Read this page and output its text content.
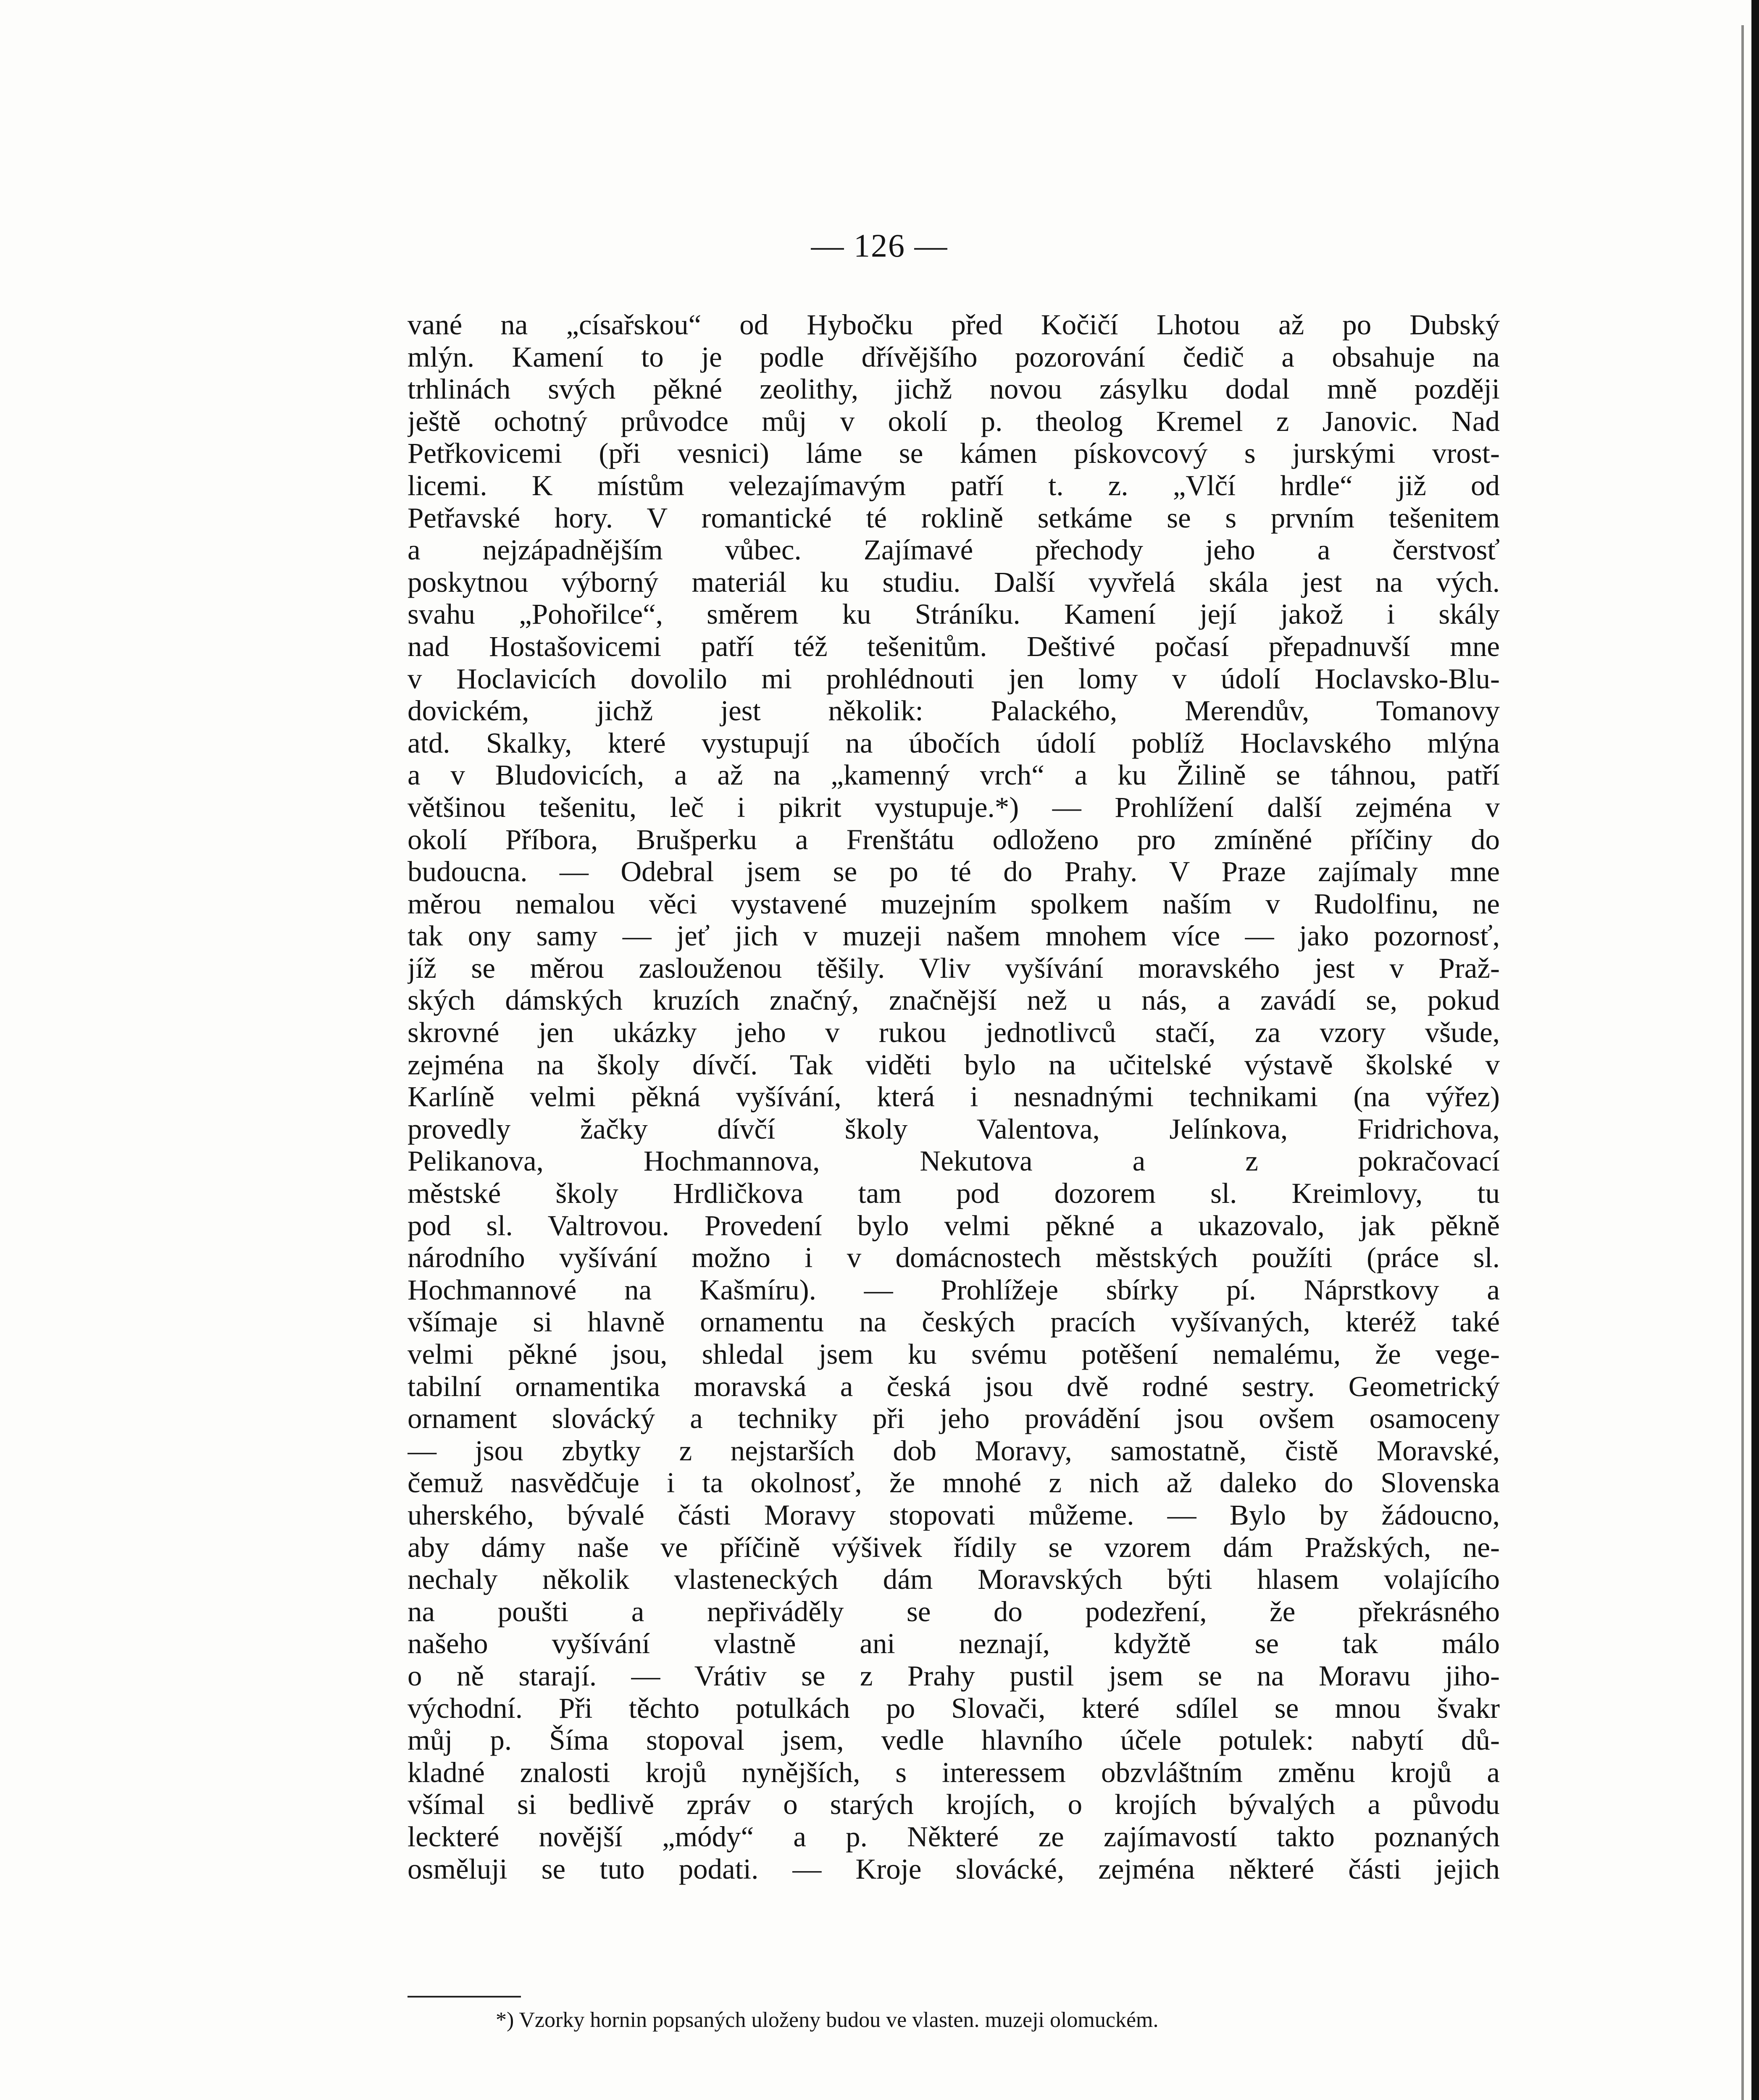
— 126 —
vané na „císařskou“ od Hybočku před Kočičí Lhotou až po Dubský
mlýn. Kamení to je podle dřívějšího pozorování čedič a obsahuje na
trhlinách svých pěkné zeolithy, jichž novou zásylku dodal mně později
ještě ochotný průvodce můj v okolí p. theolog Kremel z Janovic. Nad
Petřkovicemi (při vesnici) láme se kámen pískovcový s jurskými vrost-
licemi. K místům velezajímavým patří t. z. „Vlčí hrdle“ již od
Petřavské hory. V romantické té roklině setkáme se s prvním tešenitem
a nejzápadnějším vůbec. Zajímavé přechody jeho a čerstvosť
poskytnou výborný materiál ku studiu. Další vyvřelá skála jest na vých.
svahu „Pohořilce“, směrem ku Stráníku. Kamení její jakož i skály
nad Hostašovicemi patří též tešenitům. Deštivé počasí přepadnuvší mne
v Hoclavicích dovolilo mi prohlédnouti jen lomy v údolí Hoclavsko-Blu-
dovickém, jichž jest několik: Palackého, Merendův, Tomanovy
atd. Skalky, které vystupují na úbočích údolí poblíž Hoclavského mlýna
a v Bludovicích, a až na „kamenný vrch“ a ku Žilině se táhnou, patří
většinou tešenitu, leč i pikrit vystupuje.*) — Prohlížení další zejména v
okolí Příbora, Brušperku a Frenštátu odloženo pro zmíněné příčiny do
budoucna. — Odebral jsem se po té do Prahy. V Praze zajímaly mne
měrou nemalou věci vystavené muzejním spolkem naším v Rudolfinu, ne
tak ony samy — jeť jich v muzeji našem mnohem více — jako pozornosť,
jíž se měrou zaslouženou těšily. Vliv vyšívání moravského jest v Praž-
ských dámských kruzích značný, značnější než u nás, a zavádí se, pokud
skrovné jen ukázky jeho v rukou jednotlivců stačí, za vzory všude,
zejména na školy dívčí. Tak viděti bylo na učitelské výstavě školské v
Karlíně velmi pěkná vyšívání, která i nesnadnými technikami (na výřez)
provedly žačky dívčí školy Valentova, Jelínkova, Fridrichova,
Pelikanova, Hochmannova, Nekutova a z pokračovací
městské školy Hrdličkova tam pod dozorem sl. Kreimlovy, tu
pod sl. Valtrovou. Provedení bylo velmi pěkné a ukazovalo, jak pěkně
národního vyšívání možno i v domácnostech městských použíti (práce sl.
Hochmannové na Kašmíru). — Prohlížeje sbírky pí. Náprstkovy a
všímaje si hlavně ornamentu na českých pracích vyšívaných, kteréž také
velmi pěkné jsou, shledal jsem ku svému potěšení nemalému, že vege-
tabilní ornamentika moravská a česká jsou dvě rodné sestry. Geometrický
ornament slovácký a techniky při jeho provádění jsou ovšem osamoceny
— jsou zbytky z nejstarších dob Moravy, samostatně, čistě Moravské,
čemuž nasvědčuje i ta okolnosť, že mnohé z nich až daleko do Slovenska
uherského, bývalé části Moravy stopovati můžeme. — Bylo by žádoucno,
aby dámy naše ve příčině výšivek řídily se vzorem dám Pražských, ne-
nechaly několik vlasteneckých dám Moravských býti hlasem volajícího
na poušti a nepřiváděly se do podezření, že překrásného
našeho vyšívání vlastně ani neznají, kdyžtě se tak málo
o ně starají. — Vrátiv se z Prahy pustil jsem se na Moravu jiho-
východní. Při těchto potulkách po Slovači, které sdílel se mnou švakr
můj p. Šíma stopoval jsem, vedle hlavního účele potulek: nabytí dů-
kladné znalosti krojů nynějších, s interessem obzvláštním změnu krojů a
všímal si bedlivě zpráv o starých krojích, o krojích bývalých a původu
leckteré novější „módy“ a p. Některé ze zajímavostí takto poznaných
osměluji se tuto podati. — Kroje slovácké, zejména některé části jejich
*) Vzorky hornin popsaných uloženy budou ve vlasten. muzeji olomuckém.
